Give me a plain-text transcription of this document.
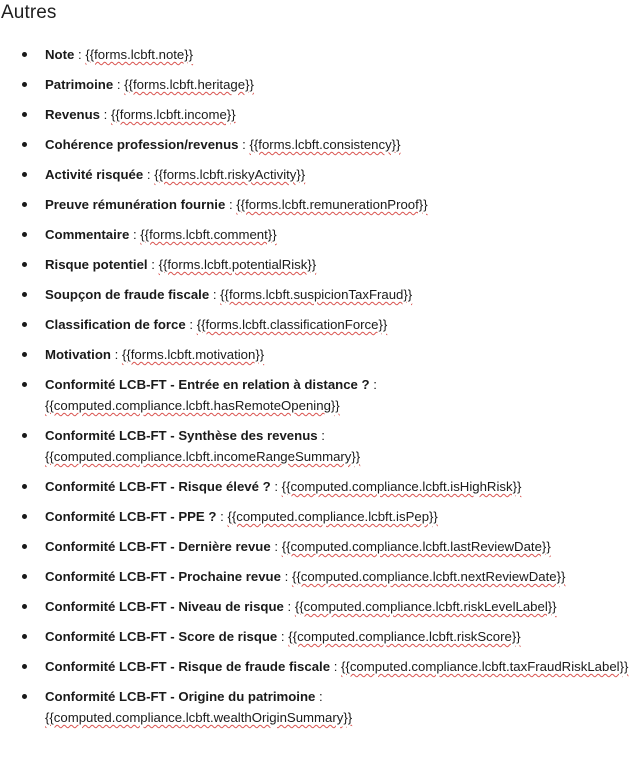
Autres
Note : {{forms.lcbft.note}}
Patrimoine : {{forms.lcbft.heritage}}
Revenus : {{forms.lcbft.income}}
Cohérence profession/revenus : {{forms.lcbft.consistency}}
Activité risquée : {{forms.lcbft.riskyActivity}}
Preuve rémunération fournie : {{forms.lcbft.remunerationProof}}
Commentaire : {{forms.lcbft.comment}}
Risque potentiel : {{forms.lcbft.potentialRisk}}
Soupçon de fraude fiscale : {{forms.lcbft.suspicionTaxFraud}}
Classification de force : {{forms.lcbft.classificationForce}}
Motivation : {{forms.lcbft.motivation}}
Conformité LCB-FT - Entrée en relation à distance ? : {{computed.compliance.lcbft.hasRemoteOpening}}
Conformité LCB-FT - Synthèse des revenus : {{computed.compliance.lcbft.incomeRangeSummary}}
Conformité LCB-FT - Risque élevé ? : {{computed.compliance.lcbft.isHighRisk}}
Conformité LCB-FT - PPE ? : {{computed.compliance.lcbft.isPep}}
Conformité LCB-FT - Dernière revue : {{computed.compliance.lcbft.lastReviewDate}}
Conformité LCB-FT - Prochaine revue : {{computed.compliance.lcbft.nextReviewDate}}
Conformité LCB-FT - Niveau de risque : {{computed.compliance.lcbft.riskLevelLabel}}
Conformité LCB-FT - Score de risque : {{computed.compliance.lcbft.riskScore}}
Conformité LCB-FT - Risque de fraude fiscale : {{computed.compliance.lcbft.taxFraudRiskLabel}}
Conformité LCB-FT - Origine du patrimoine : {{computed.compliance.lcbft.wealthOriginSummary}}
